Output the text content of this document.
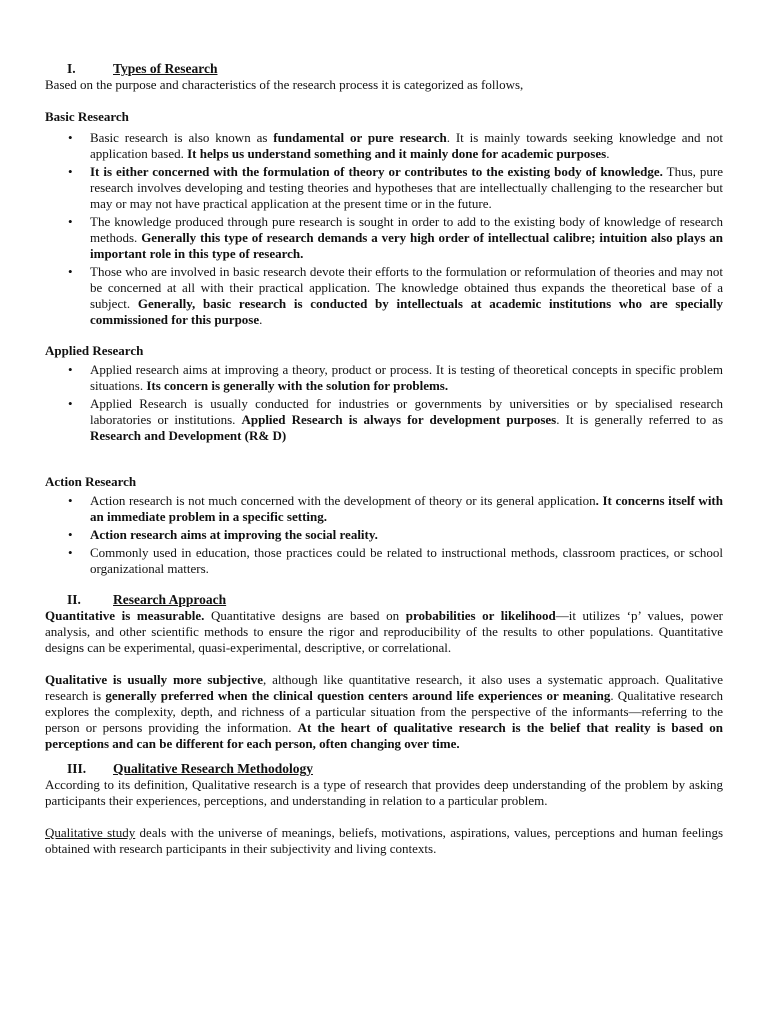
I.	Types of Research

Based on the purpose and characteristics of the research process it is categorized as follows,

Basic Research

• Basic research is also known as fundamental or pure research. It is mainly towards seeking knowledge and not application based. It helps us understand something and it mainly done for academic purposes.
• It is either concerned with the formulation of theory or contributes to the existing body of knowledge. Thus, pure research involves developing and testing theories and hypotheses that are intellectually challenging to the researcher but may or may not have practical application at the present time or in the future.
• The knowledge produced through pure research is sought in order to add to the existing body of knowledge of research methods. Generally this type of research demands a very high order of intellectual calibre; intuition also plays an important role in this type of research.
• Those who are involved in basic research devote their efforts to the formulation or reformulation of theories and may not be concerned at all with their practical application. The knowledge obtained thus expands the theoretical base of a subject. Generally, basic research is conducted by intellectuals at academic institutions who are specially commissioned for this purpose.

Applied Research

• Applied research aims at improving a theory, product or process. It is testing of theoretical concepts in specific problem situations. Its concern is generally with the solution for problems.
• Applied Research is usually conducted for industries or governments by universities or by specialised research laboratories or institutions. Applied Research is always for development purposes. It is generally referred to as Research and Development (R& D)

Action Research

• Action research is not much concerned with the development of theory or its general application. It concerns itself with an immediate problem in a specific setting.
• Action research aims at improving the social reality.
• Commonly used in education, those practices could be related to instructional methods, classroom practices, or school organizational matters.
II.	Research Approach

Quantitative is measurable. Quantitative designs are based on probabilities or likelihood—it utilizes ‘p’ values, power analysis, and other scientific methods to ensure the rigor and reproducibility of the results to other populations. Quantitative designs can be experimental, quasi-experimental, descriptive, or correlational.

Qualitative is usually more subjective, although like quantitative research, it also uses a systematic approach. Qualitative research is generally preferred when the clinical question centers around life experiences or meaning. Qualitative research explores the complexity, depth, and richness of a particular situation from the perspective of the informants—referring to the person or persons providing the information. At the heart of qualitative research is the belief that reality is based on perceptions and can be different for each person, often changing over time.

III.	Qualitative Research Methodology

According to its definition, Qualitative research is a type of research that provides deep understanding of the problem by asking participants their experiences, perceptions, and understanding in relation to a particular problem.

Qualitative study deals with the universe of meanings, beliefs, motivations, aspirations, values, perceptions and human feelings obtained with research participants in their subjectivity and living contexts.
